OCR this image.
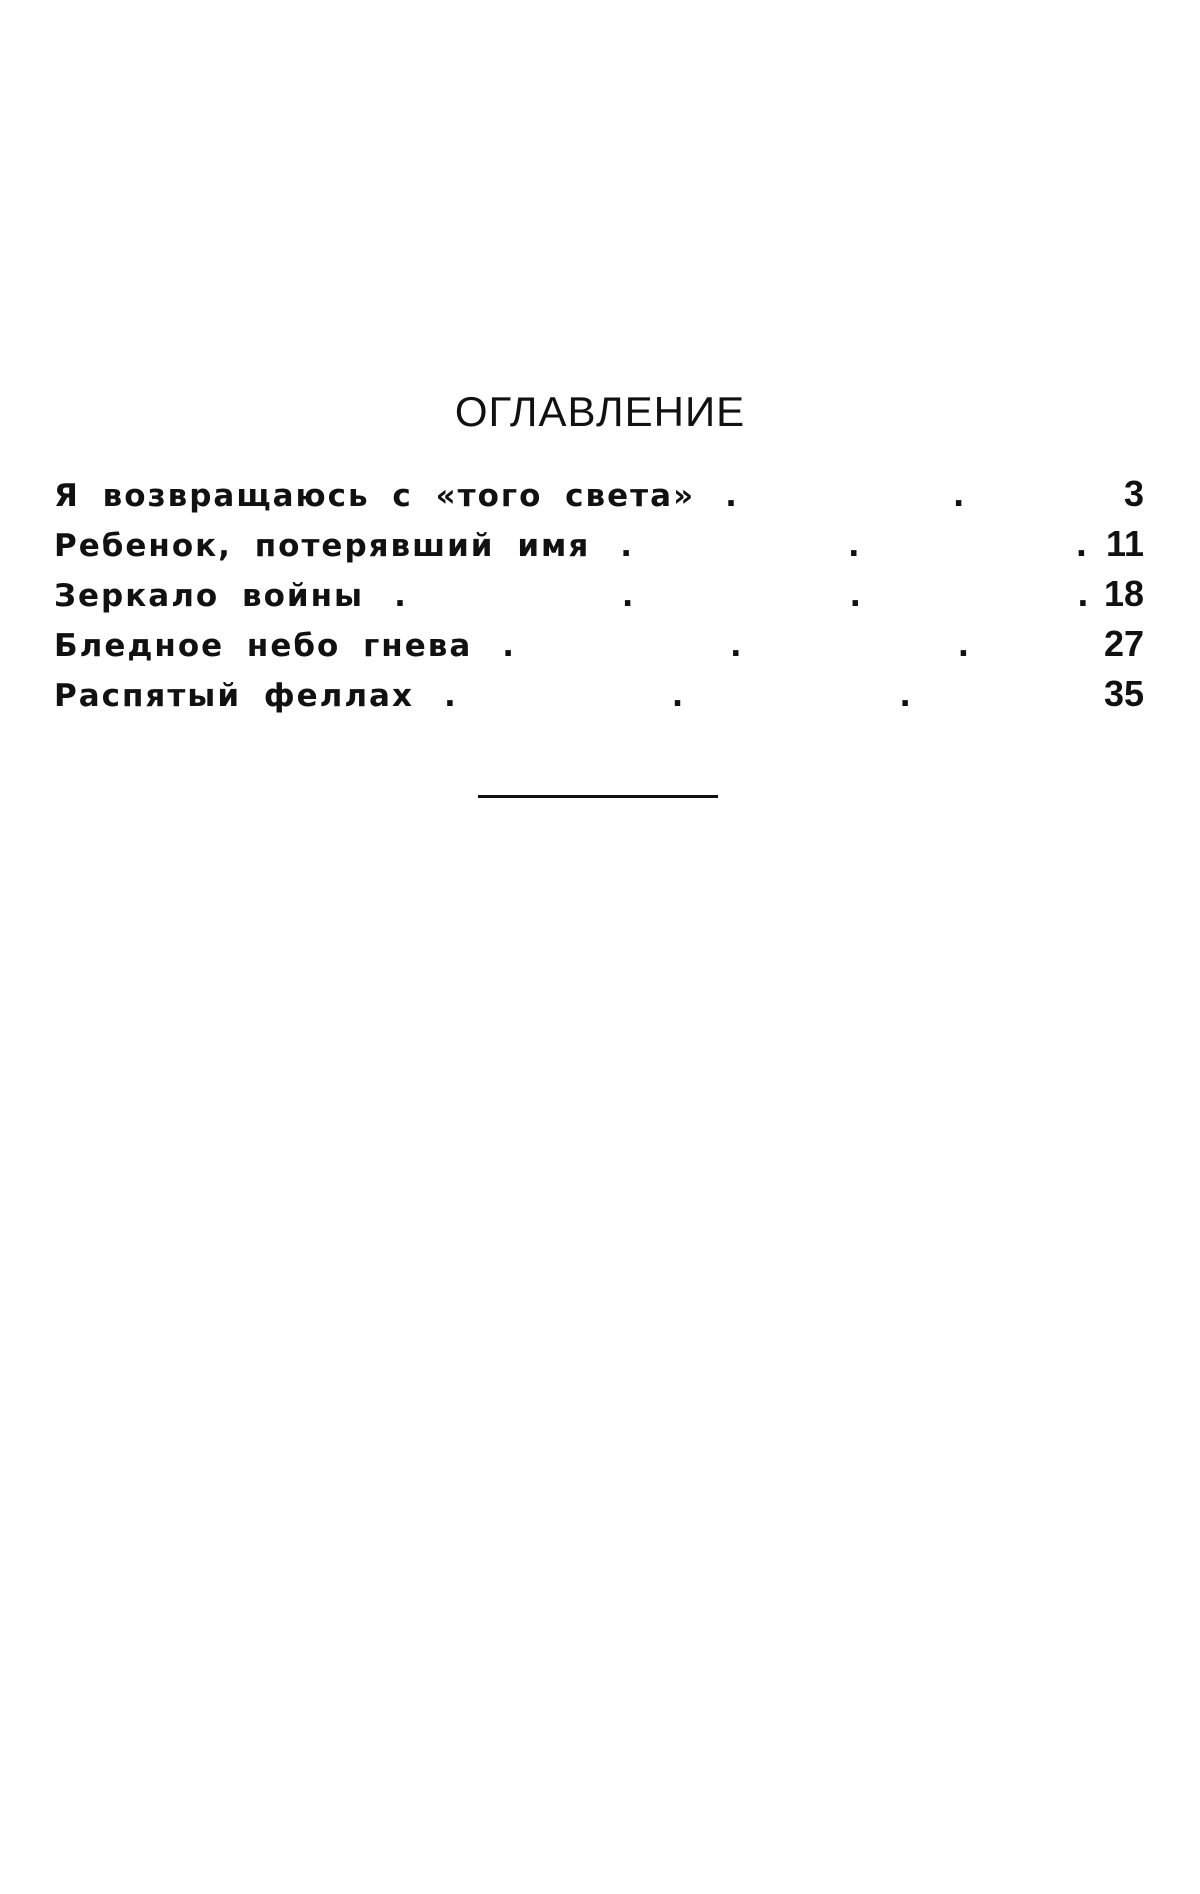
ОГЛАВЛЕНИЕ
Я возвращаюсь с «того света» .	3
Ребенок, потерявший имя .	11
Зеркало войны .	18
Бледное небо гнева .	27
Распятый феллах .	35
